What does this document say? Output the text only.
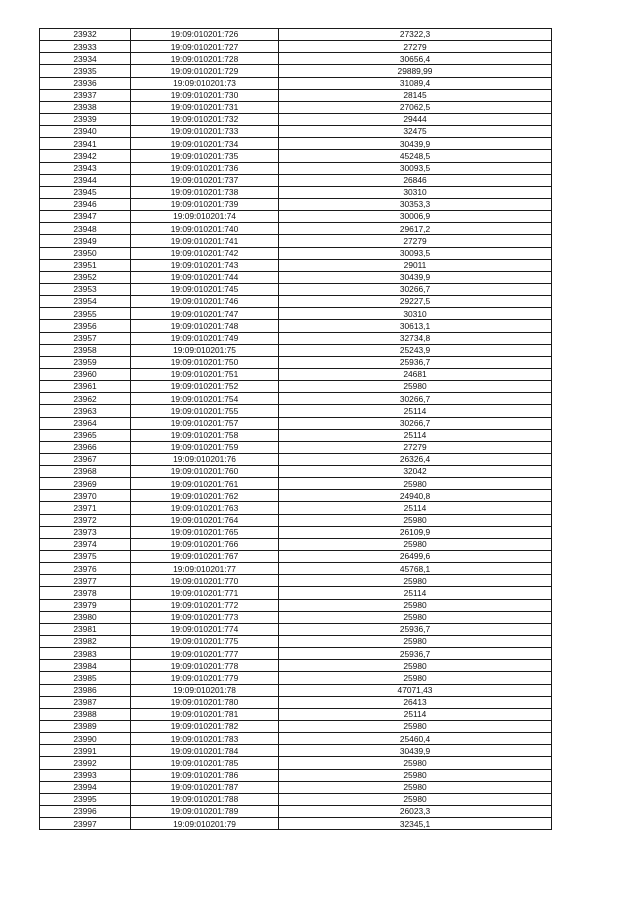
23932	19:09:010201:726	27322,3
23933	19:09:010201:727	27279
23934	19:09:010201:728	30656,4
23935	19:09:010201:729	29889,99
23936	19:09:010201:73	31089,4
23937	19:09:010201:730	28145
23938	19:09:010201:731	27062,5
23939	19:09:010201:732	29444
23940	19:09:010201:733	32475
23941	19:09:010201:734	30439,9
23942	19:09:010201:735	45248,5
23943	19:09:010201:736	30093,5
23944	19:09:010201:737	26846
23945	19:09:010201:738	30310
23946	19:09:010201:739	30353,3
23947	19:09:010201:74	30006,9
23948	19:09:010201:740	29617,2
23949	19:09:010201:741	27279
23950	19:09:010201:742	30093,5
23951	19:09:010201:743	29011
23952	19:09:010201:744	30439,9
23953	19:09:010201:745	30266,7
23954	19:09:010201:746	29227,5
23955	19:09:010201:747	30310
23956	19:09:010201:748	30613,1
23957	19:09:010201:749	32734,8
23958	19:09:010201:75	25243,9
23959	19:09:010201:750	25936,7
23960	19:09:010201:751	24681
23961	19:09:010201:752	25980
23962	19:09:010201:754	30266,7
23963	19:09:010201:755	25114
23964	19:09:010201:757	30266,7
23965	19:09:010201:758	25114
23966	19:09:010201:759	27279
23967	19:09:010201:76	26326,4
23968	19:09:010201:760	32042
23969	19:09:010201:761	25980
23970	19:09:010201:762	24940,8
23971	19:09:010201:763	25114
23972	19:09:010201:764	25980
23973	19:09:010201:765	26109,9
23974	19:09:010201:766	25980
23975	19:09:010201:767	26499,6
23976	19:09:010201:77	45768,1
23977	19:09:010201:770	25980
23978	19:09:010201:771	25114
23979	19:09:010201:772	25980
23980	19:09:010201:773	25980
23981	19:09:010201:774	25936,7
23982	19:09:010201:775	25980
23983	19:09:010201:777	25936,7
23984	19:09:010201:778	25980
23985	19:09:010201:779	25980
23986	19:09:010201:78	47071,43
23987	19:09:010201:780	26413
23988	19:09:010201:781	25114
23989	19:09:010201:782	25980
23990	19:09:010201:783	25460,4
23991	19:09:010201:784	30439,9
23992	19:09:010201:785	25980
23993	19:09:010201:786	25980
23994	19:09:010201:787	25980
23995	19:09:010201:788	25980
23996	19:09:010201:789	26023,3
23997	19:09:010201:79	32345,1
